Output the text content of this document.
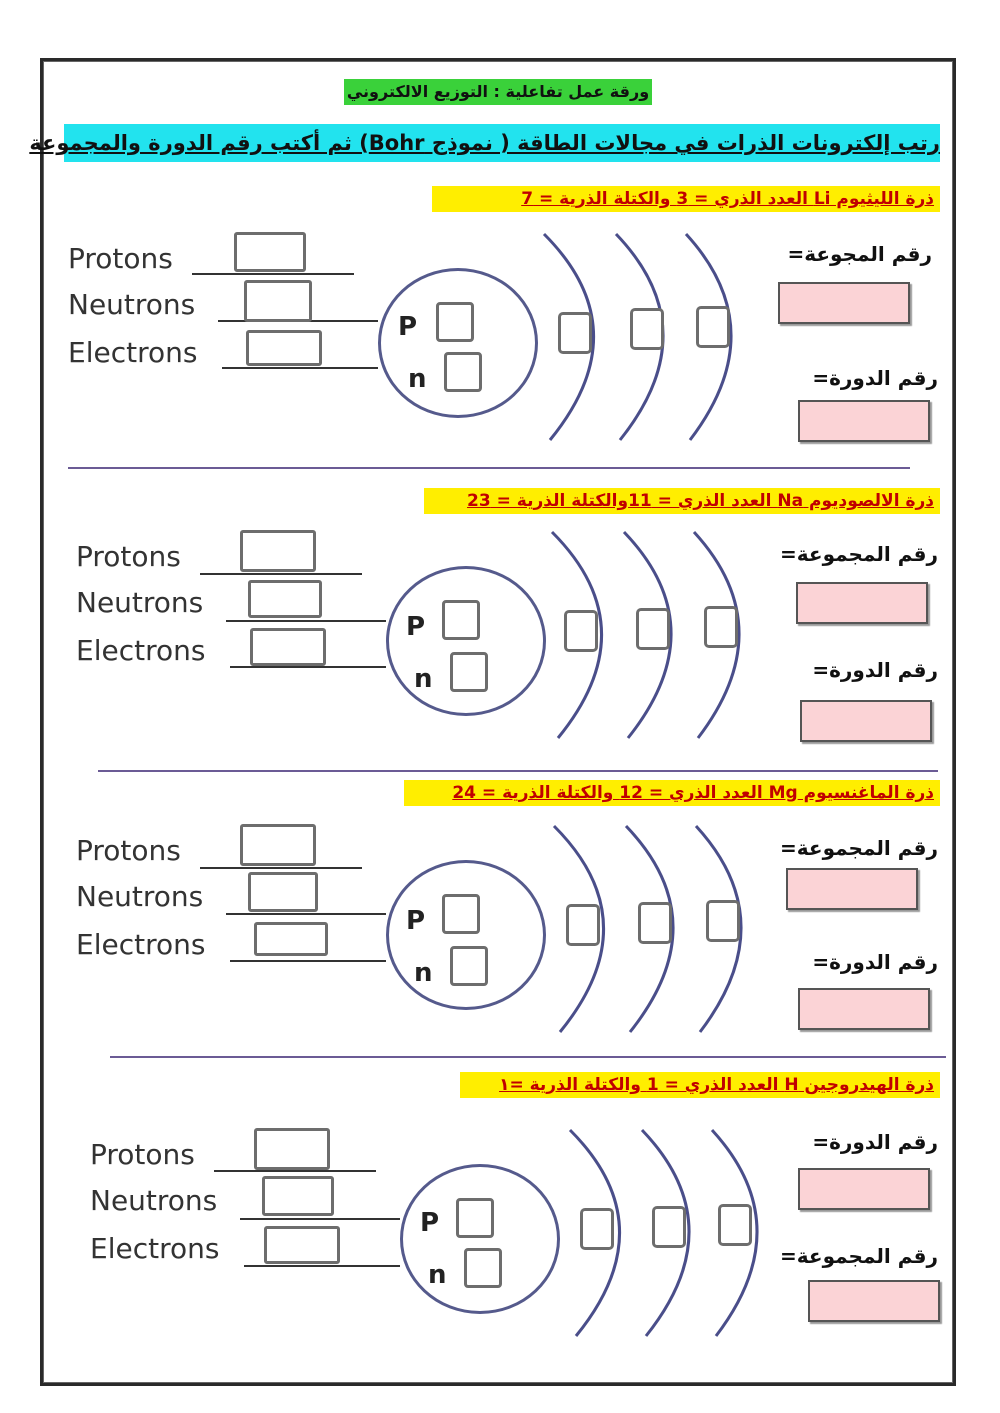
ورقة عمل تفاعلية : التوزيع الالكتروني
رتب إلكترونات الذرات في مجالات الطاقة ( نموذج Bohr) ثم أكتب رقم الدورة والمجموعة
ذرة الليثيوم Li العدد الذري = 3 والكتلة الذرية = 7
Protons
Neutrons
Electrons
P
n
رقم المجوعة=
رقم الدورة=
ذرة الالصوديوم Na العدد الذري = 11والكتلة الذرية = 23
Protons
Neutrons
Electrons
P
n
رقم المجموعة=
رقم الدورة=
ذرة الماغنسيوم Mg العدد الذري = 12 والكتلة الذرية = 24
Protons
Neutrons
Electrons
P
n
رقم المجموعة=
رقم الدورة=
ذرة الهيدروجين H العدد الذري = 1 والكتلة الذرية =١
Protons
Neutrons
Electrons
P
n
رقم الدورة=
رقم المجموعة=
